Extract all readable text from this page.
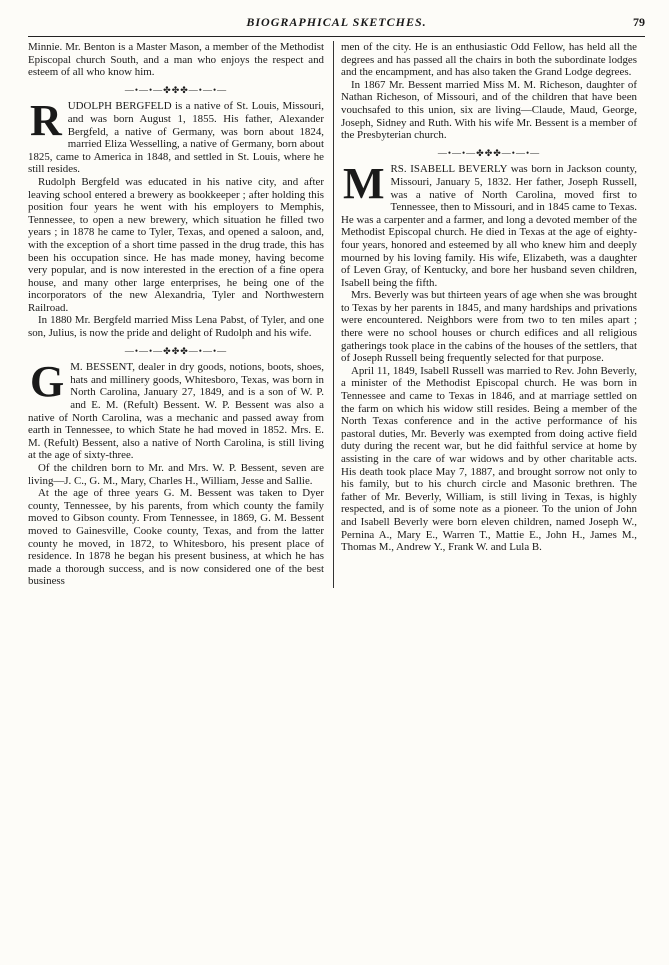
BIOGRAPHICAL SKETCHES.	79

Minnie. Mr. Benton is a Master Mason, a member of the Methodist Episcopal church South, and a man who enjoys the respect and esteem of all who know him.

—•—•—✤✤✤—•—•—

RUDOLPH BERGFELD is a native of St. Louis, Missouri, and was born August 1, 1855. His father, Alexander Bergfeld, a native of Germany, was born about 1824, married Eliza Wesselling, a native of Germany, born about 1825, came to America in 1848, and settled in St. Louis, where he still resides.

Rudolph Bergfeld was educated in his native city, and after leaving school entered a brewery as bookkeeper ; after holding this position four years he went with his employers to Memphis, Tennessee, to open a new brewery, which situation he filled two years ; in 1878 he came to Tyler, Texas, and opened a saloon, and, with the exception of a short time passed in the drug trade, this has been his occupation since. He has made money, having become very popular, and is now interested in the erection of a fine opera house, and many other large enterprises, he being one of the incorporators of the new Alexandria, Tyler and Northwestern Railroad.

In 1880 Mr. Bergfeld married Miss Lena Pabst, of Tyler, and one son, Julius, is now the pride and delight of Rudolph and his wife.

—•—•—✤✤✤—•—•—

G M. BESSENT, dealer in dry goods, notions, boots, shoes, hats and millinery goods, Whitesboro, Texas, was born in North Carolina, January 27, 1849, and is a son of W. P. and E. M. (Refult) Bessent. W. P. Bessent was also a native of North Carolina, was a mechanic and passed away from earth in Tennessee, to which State he had moved in 1852. Mrs. E. M. (Refult) Bessent, also a native of North Carolina, is still living at the age of sixty-three.

Of the children born to Mr. and Mrs. W. P. Bessent, seven are living—J. C., G. M., Mary, Charles H., William, Jesse and Sallie.

At the age of three years G. M. Bessent was taken to Dyer county, Tennessee, by his parents, from which county the family moved to Gibson county. From Tennessee, in 1869, G. M. Bessent moved to Gainesville, Cooke county, Texas, and from the latter county he moved, in 1872, to Whitesboro, his present place of residence. In 1878 he began his present business, at which he has made a thorough success, and is now considered one of the best business

men of the city. He is an enthusiastic Odd Fellow, has held all the degrees and has passed all the chairs in both the subordinate lodges and the encampment, and has also taken the Grand Lodge degrees.

In 1867 Mr. Bessent married Miss M. M. Richeson, daughter of Nathan Richeson, of Missouri, and of the children that have been vouchsafed to this union, six are living—Claude, Maud, George, Joseph, Sidney and Ruth. With his wife Mr. Bessent is a member of the Presbyterian church.

—•—•—✤✤✤—•—•—

MRS. ISABELL BEVERLY was born in Jackson county, Missouri, January 5, 1832. Her father, Joseph Russell, was a native of North Carolina, moved first to Tennessee, then to Missouri, and in 1845 came to Texas. He was a carpenter and a farmer, and long a devoted member of the Methodist Episcopal church. He died in Texas at the age of eighty-four years, honored and esteemed by all who knew him and deeply mourned by his loving family. His wife, Elizabeth, was a daughter of Leven Gray, of Kentucky, and bore her husband seven children, Isabell being the fifth.

Mrs. Beverly was but thirteen years of age when she was brought to Texas by her parents in 1845, and many hardships and privations were encountered. Neighbors were from two to ten miles apart ; there were no school houses or church edifices and all religious gatherings took place in the cabins of the houses of the settlers, that of Joseph Russell being frequently selected for that purpose.

April 11, 1849, Isabell Russell was married to Rev. John Beverly, a minister of the Methodist Episcopal church. He was born in Tennessee and came to Texas in 1846, and at marriage settled on the farm on which his widow still resides. Being a member of the North Texas conference and in the active performance of his pastoral duties, Mr. Beverly was exempted from doing active field duty during the recent war, but he did faithful service at home by assisting in the care of war widows and by other charitable acts. His death took place May 7, 1887, and brought sorrow not only to his family, but to his church circle and Masonic brethren. The father of Mr. Beverly, William, is still living in Texas, is highly respected, and is of some note as a pioneer. To the union of John and Isabell Beverly were born eleven children, named Joseph W., Pernina A., Mary E., Warren T., Mattie E., John H., James M., Thomas M., Andrew Y., Frank W. and Lula B.
